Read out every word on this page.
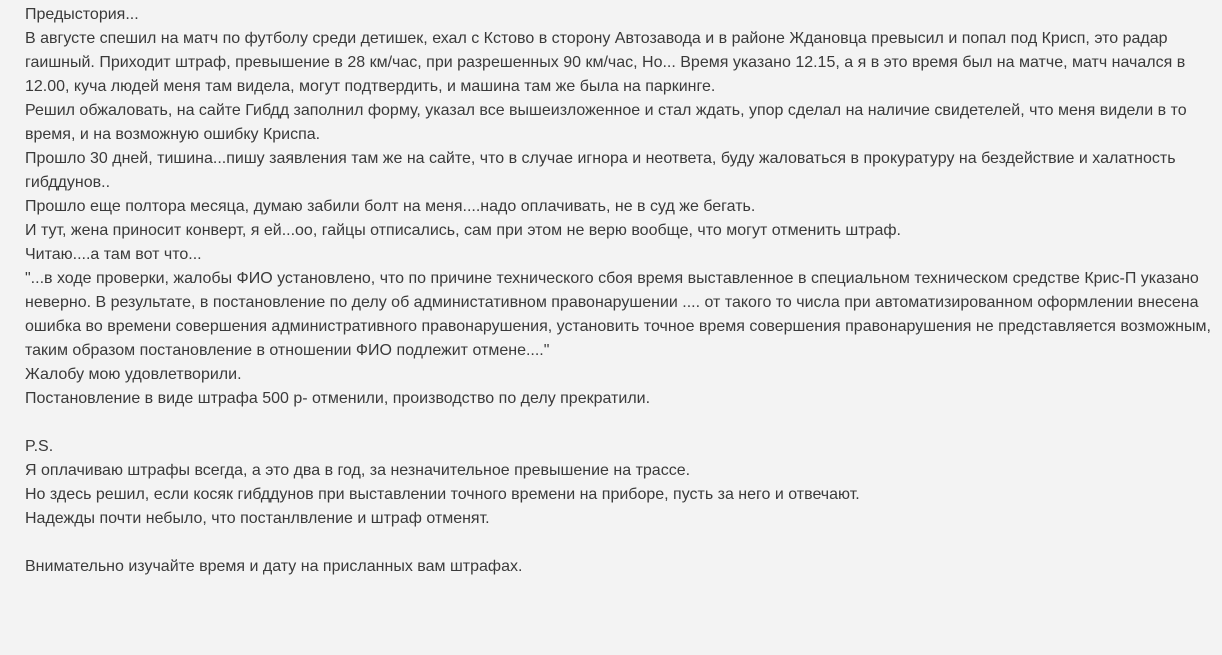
Предыстория...
В августе спешил на матч по футболу среди детишек, ехал с Кстово в сторону Автозавода и в районе Ждановца превысил и попал под Крисп, это радар
гаишный. Приходит штраф, превышение в 28 км/час, при разрешенных 90 км/час, Но... Время указано 12.15, а я в это время был на матче, матч начался в
12.00, куча людей меня там видела, могут подтвердить, и машина там же была на паркинге.
Решил обжаловать, на сайте Гибдд заполнил форму, указал все вышеизложенное и стал ждать, упор сделал на наличие свидетелей, что меня видели в то
время, и на возможную ошибку Криспа.
Прошло 30 дней, тишина...пишу заявления там же на сайте, что в случае игнора и неответа, буду жаловаться в прокуратуру на бездействие и халатность
гибддунов..
Прошло еще полтора месяца, думаю забили болт на меня....надо оплачивать, не в суд же бегать.
И тут, жена приносит конверт, я ей...оо, гайцы отписались, сам при этом не верю вообще, что могут отменить штраф.
Читаю....а там вот что...
"...в ходе проверки, жалобы ФИО установлено, что по причине технического сбоя время выставленное в специальном техническом средстве Крис-П указано
неверно. В результате, в постановление по делу об администативном правонарушении .... от такого то числа при автоматизированном оформлении внесена
ошибка во времени совершения административного правонарушения, установить точное время совершения правонарушения не представляется возможным,
таким образом постановление в отношении ФИО подлежит отмене...."
Жалобу мою удовлетворили.
Постановление в виде штрафа 500 р- отменили, производство по делу прекратили.
P.S.
Я оплачиваю штрафы всегда, а это два в год, за незначительное превышение на трассе.
Но здесь решил, если косяк гибддунов при выставлении точного времени на приборе, пусть за него и отвечают.
Надежды почти небыло, что постанлвление и штраф отменят.
Внимательно изучайте время и дату на присланных вам штрафах.
